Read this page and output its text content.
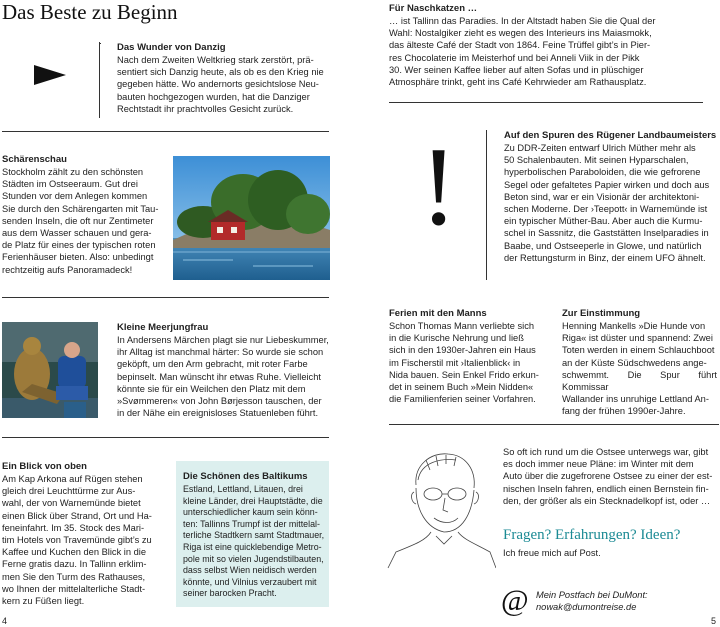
Das Beste zu Beginn
Das Wunder von Danzig
Nach dem Zweiten Weltkrieg stark zerstört, prä-
sentiert sich Danzig heute, als ob es den Krieg nie
gegeben hätte. Wo andernorts gesichtslose Neu-
bauten hochgezogen wurden, hat die Danziger
Rechtstadt ihr prachtvolles Gesicht zurück.
Für Naschkatzen …
… ist Tallinn das Paradies. In der Altstadt haben Sie die Qual der
Wahl: Nostalgiker zieht es wegen des Interieurs ins Maiasmokk,
das älteste Café der Stadt von 1864. Feine Trüffel gibt’s in Pier-
res Chocolaterie im Meisterhof und bei Anneli Viik in der Pikk
30. Wer seinen Kaffee lieber auf alten Sofas und in plüschiger
Atmosphäre trinkt, geht ins Café Kehrwieder am Rathausplatz.
Schärenschau
Stockholm zählt zu den schönsten
Städten im Ostseeraum. Gut drei
Stunden vor dem Anlegen kommen
Sie durch den Schärengarten mit Tau-
senden Inseln, die oft nur Zentimeter
aus dem Wasser schauen und gera-
de Platz für eines der typischen roten
Ferienhäuser bieten. Also: unbedingt
rechtzeitig aufs Panoramadeck!
!	Auf den Spuren des Rügener Landbaumeisters
Zu DDR-Zeiten entwarf Ulrich Müther mehr als
50 Schalenbauten. Mit seinen Hyparschalen,
hyperbolischen Paraboloiden, die wie gefrorene
Segel oder gefaltetes Papier wirken und doch aus
Beton sind, war er ein Visionär der architektoni-
schen Moderne. Der ›Teepott‹ in Warnemünde ist
ein typischer Müther-Bau. Aber auch die Kurmu-
schel in Sassnitz, die Gaststätten Inselparadies in
Baabe, und Ostseeperle in Glowe, und natürlich
der Rettungsturm in Binz, der einem UFO ähnelt.
Kleine Meerjungfrau
In Andersens Märchen plagt sie nur Liebeskummer,
ihr Alltag ist manchmal härter: So wurde sie schon
geköpft, um den Arm gebracht, mit roter Farbe
bepinselt. Man wünscht ihr etwas Ruhe. Vielleicht
könnte sie für ein Weilchen den Platz mit dem
»Svømmeren« von John Børjesson tauschen, der
in der Nähe ein ereignisloses Statuenleben führt.
Ferien mit den Manns
Schon Thomas Mann verliebte sich
in die Kurische Nehrung und ließ
sich in den 1930er-Jahren ein Haus
im Fischerstil mit ›Italienblick‹ in
Nida bauen. Sein Enkel Frido erkun-
det in seinem Buch »Mein Nidden«
die Familienferien seiner Vorfahren.
Zur Einstimmung
Henning Mankells »Die Hunde von
Riga« ist düster und spannend: Zwei
Toten werden in einem Schlauchboot
an der Küste Südschwedens ange-
schwemmt. Die Spur führt Kommissar
Wallander ins unruhige Lettland An-
fang der frühen 1990er-Jahre.
Ein Blick von oben
Am Kap Arkona auf Rügen stehen
gleich drei Leuchttürme zur Aus-
wahl, der von Warnemünde bietet
einen Blick über Strand, Ort und Ha-
feneinfahrt. Im 35. Stock des Mari-
tim Hotels von Travemünde gibt’s zu
Kaffee und Kuchen den Blick in die
Ferne gratis dazu. In Tallinn erklim-
men Sie den Turm des Rathauses,
wo Ihnen der mittelalterliche Stadt-
kern zu Füßen liegt.
Die Schönen des Baltikums
Estland, Lettland, Litauen, drei
kleine Länder, drei Hauptstädte, die
unterschiedlicher kaum sein könn-
ten: Tallinns Trumpf ist der mittelal-
terliche Stadtkern samt Stadtmauer,
Riga ist eine quicklebendige Metro-
pole mit so vielen Jugendstilbauten,
dass selbst Wien neidisch werden
könnte, und Vilnius verzaubert mit
seiner barocken Pracht.
So oft ich rund um die Ostsee unterwegs war, gibt
es doch immer neue Pläne: im Winter mit dem
Auto über die zugefrorene Ostsee zu einer der est-
nischen Inseln fahren, endlich einen Bernstein fin-
den, der größer als ein Stecknadelkopf ist, oder …
Fragen? Erfahrungen? Ideen?
Ich freue mich auf Post.
@ Mein Postfach bei DuMont:
nowak@dumontreise.de
4	5
